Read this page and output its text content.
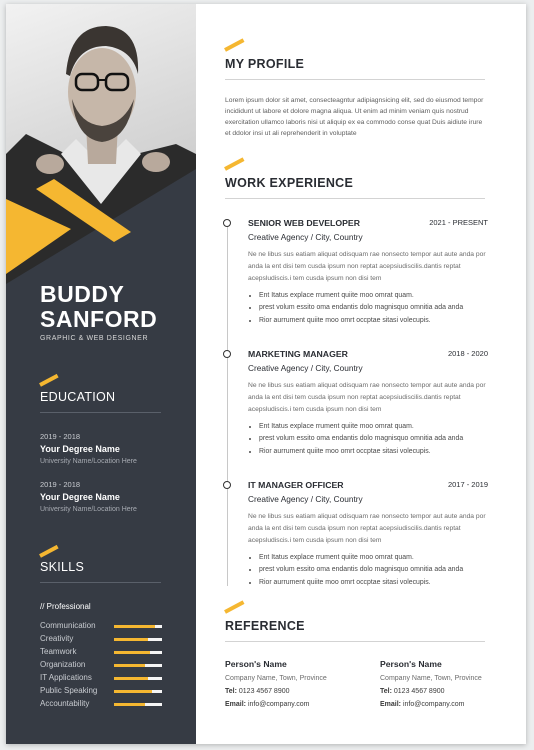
BUDDY
SANFORD
GRAPHIC & WEB DESIGNER
EDUCATION
2019 - 2018
Your Degree Name
University Name/Location Here
2019 - 2018
Your Degree Name
University Name/Location Here
SKILLS
// Professional
Communication
Creativity
Teamwork
Organization
IT Applications
Public Speaking
Accountability
MY PROFILE
Lorem ipsum dolor sit amet, consecteagntur adipiagnsicing elit, sed do eiusmod tempor incididunt ut labore et dolore magna aliqua. Ut enim ad minim veniam quis nostrud exercitation ullamco laboris nisi ut aliquip ex ea commodo conse quat Duis aidiute irure et ddolor insi ut ali reprehenderit in voluptate
WORK EXPERIENCE
SENIOR WEB DEVELOPER	2021 - PRESENT
Creative Agency / City, Country
Ne ne libus sus eatiam aliquat odisquam rae nonsecto tempor aut aute anda por anda la ent disi tem cusda ipsum non reptat acepsiudiscilis.dantis reptat acepsludiscis.i tem cusda ipsum non disi tem
• Ent Itatus explace rrument quiite moo omrat quam.
• prest volum essito oma endantis dolo magnisquo omnitia ada anda
• Rior aurrument quiite moo omrt occptae sitasi volecupis.
MARKETING MANAGER	2018 - 2020
Creative Agency / City, Country
Ne ne libus sus eatiam aliquat odisquam rae nonsecto tempor aut aute anda por anda la ent disi tem cusda ipsum non reptat acepsiudiscilis.dantis reptat acepsludiscis.i tem cusda ipsum non disi tem
• Ent Itatus explace rrument quiite moo omrat quam.
• prest volum essito oma endantis dolo magnisquo omnitia ada anda
• Rior aurrument quiite moo omrt occptae sitasi volecupis.
IT MANAGER OFFICER	2017 - 2019
Creative Agency / City, Country
Ne ne libus sus eatiam aliquat odisquam rae nonsecto tempor aut aute anda por anda la ent disi tem cusda ipsum non reptat acepsiudiscilis.dantis reptat acepsludiscis.i tem cusda ipsum non disi tem
• Ent Itatus explace rrument quiite moo omrat quam.
• prest volum essito oma endantis dolo magnisquo omnitia ada anda
• Rior aurrument quiite moo omrt occptae sitasi volecupis.
REFERENCE
Person's Name
Company Name, Town, Province
Tel: 0123 4567 8900
Email: info@company.com
Person's Name
Company Name, Town, Province
Tel: 0123 4567 8900
Email: info@company.com
